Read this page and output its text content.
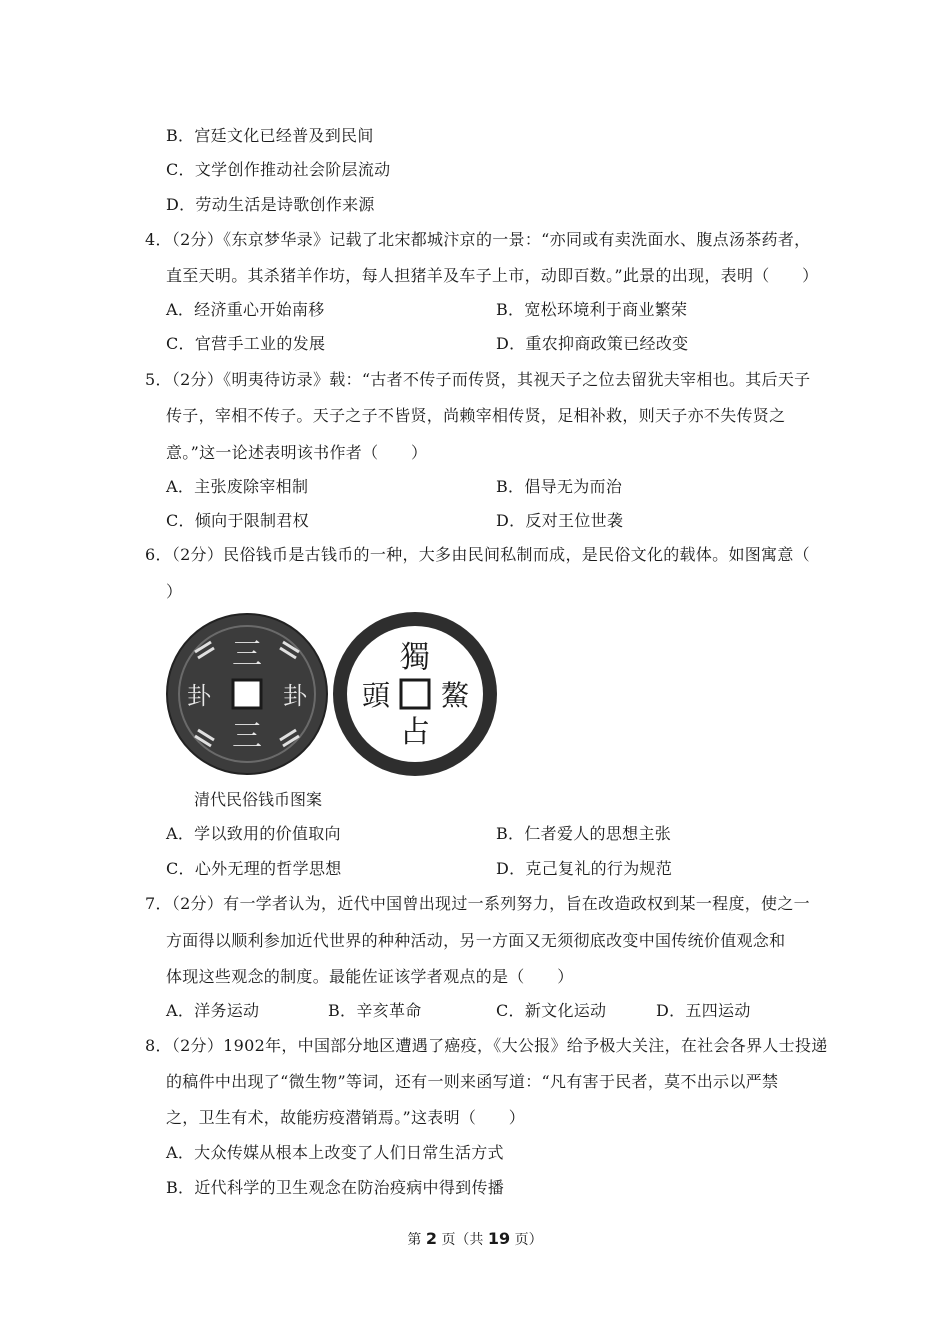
B．宫廷文化已经普及到民间
C．文学创作推动社会阶层流动
D．劳动生活是诗歌创作来源
4．（2分）《东京梦华录》记载了北宋都城汴京的一景：“亦同或有卖洗面水、腹点汤茶药者，
直至天明。其杀猪羊作坊，每人担猪羊及车子上市，动即百数。”此景的出现，表明（　　）
A．经济重心开始南移	B．宽松环境利于商业繁荣
C．官营手工业的发展	D．重农抑商政策已经改变
5．（2分）《明夷待访录》载：“古者不传子而传贤，其视天子之位去留犹夫宰相也。其后天子
传子，宰相不传子。天子之子不皆贤，尚赖宰相传贤，足相补救，则天子亦不失传贤之
意。”这一论述表明该书作者（　　）
A．主张废除宰相制	B．倡导无为而治
C．倾向于限制君权	D．反对王位世袭
6．（2分）民俗钱币是古钱币的一种，大多由民间私制而成，是民俗文化的载体。如图寓意（
）
三
三
卦	卦
獨
占
頭 鰲
清代民俗钱币图案
A．学以致用的价值取向	B．仁者爱人的思想主张
C．心外无理的哲学思想	D．克己复礼的行为规范
7．（2分）有一学者认为，近代中国曾出现过一系列努力，旨在改造政权到某一程度，使之一
方面得以顺利参加近代世界的种种活动，另一方面又无须彻底改变中国传统价值观念和
体现这些观念的制度。最能佐证该学者观点的是（　　）
A．洋务运动	B．辛亥革命	C．新文化运动	D．五四运动
8．（2分）1902年，中国部分地区遭遇了癌疫，《大公报》给予极大关注，在社会各界人士投递
的稿件中出现了“微生物”等词，还有一则来函写道：“凡有害于民者，莫不出示以严禁
之，卫生有术，故能疠疫潜销焉。”这表明（　　）
A．大众传媒从根本上改变了人们日常生活方式
B．近代科学的卫生观念在防治疫病中得到传播
第 2 页（共 19 页）
